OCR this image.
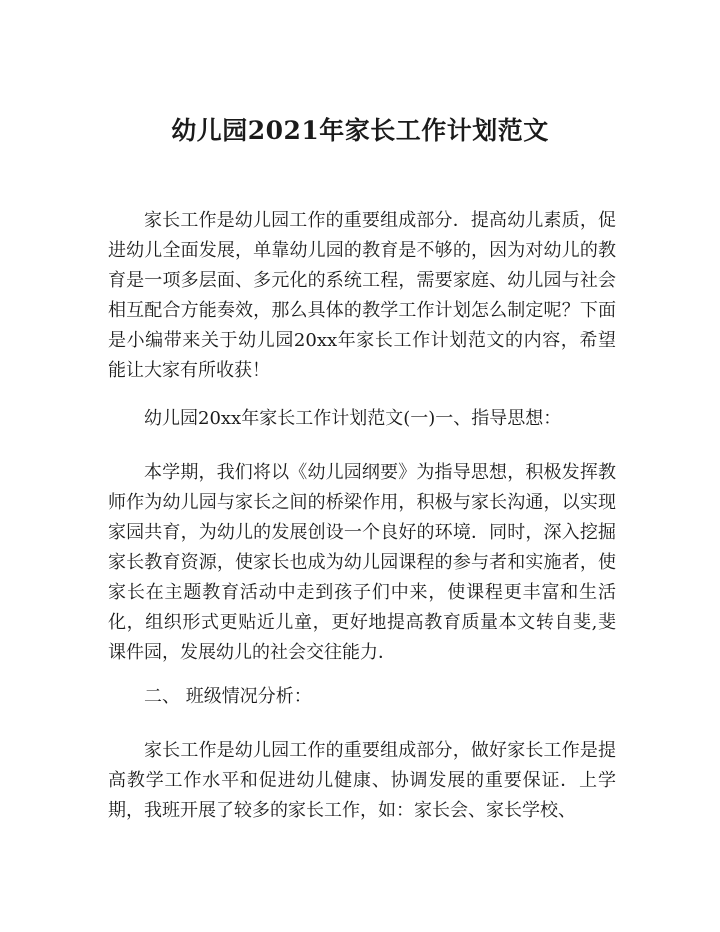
幼儿园2021年家长工作计划范文

家长工作是幼儿园工作的重要组成部分．提高幼儿素质，促进幼儿全面发展，单靠幼儿园的教育是不够的，因为对幼儿的教育是一项多层面、多元化的系统工程，需要家庭、幼儿园与社会相互配合方能奏效，那么具体的教学工作计划怎么制定呢？下面是小编带来关于幼儿园20xx年家长工作计划范文的内容，希望能让大家有所收获！

幼儿园20xx年家长工作计划范文(一)一、指导思想：

本学期，我们将以《幼儿园纲要》为指导思想，积极发挥教师作为幼儿园与家长之间的桥梁作用，积极与家长沟通，以实现家园共育，为幼儿的发展创设一个良好的环境．同时，深入挖掘家长教育资源，使家长也成为幼儿园课程的参与者和实施者，使家长在主题教育活动中走到孩子们中来，使课程更丰富和生活化，组织形式更贴近儿童，更好地提高教育质量本文转自斐,斐课件园，发展幼儿的社会交往能力．

二、 班级情况分析：

家长工作是幼儿园工作的重要组成部分，做好家长工作是提高教学工作水平和促进幼儿健康、协调发展的重要保证．上学期，我班开展了较多的家长工作，如：家长会、家长学校、
